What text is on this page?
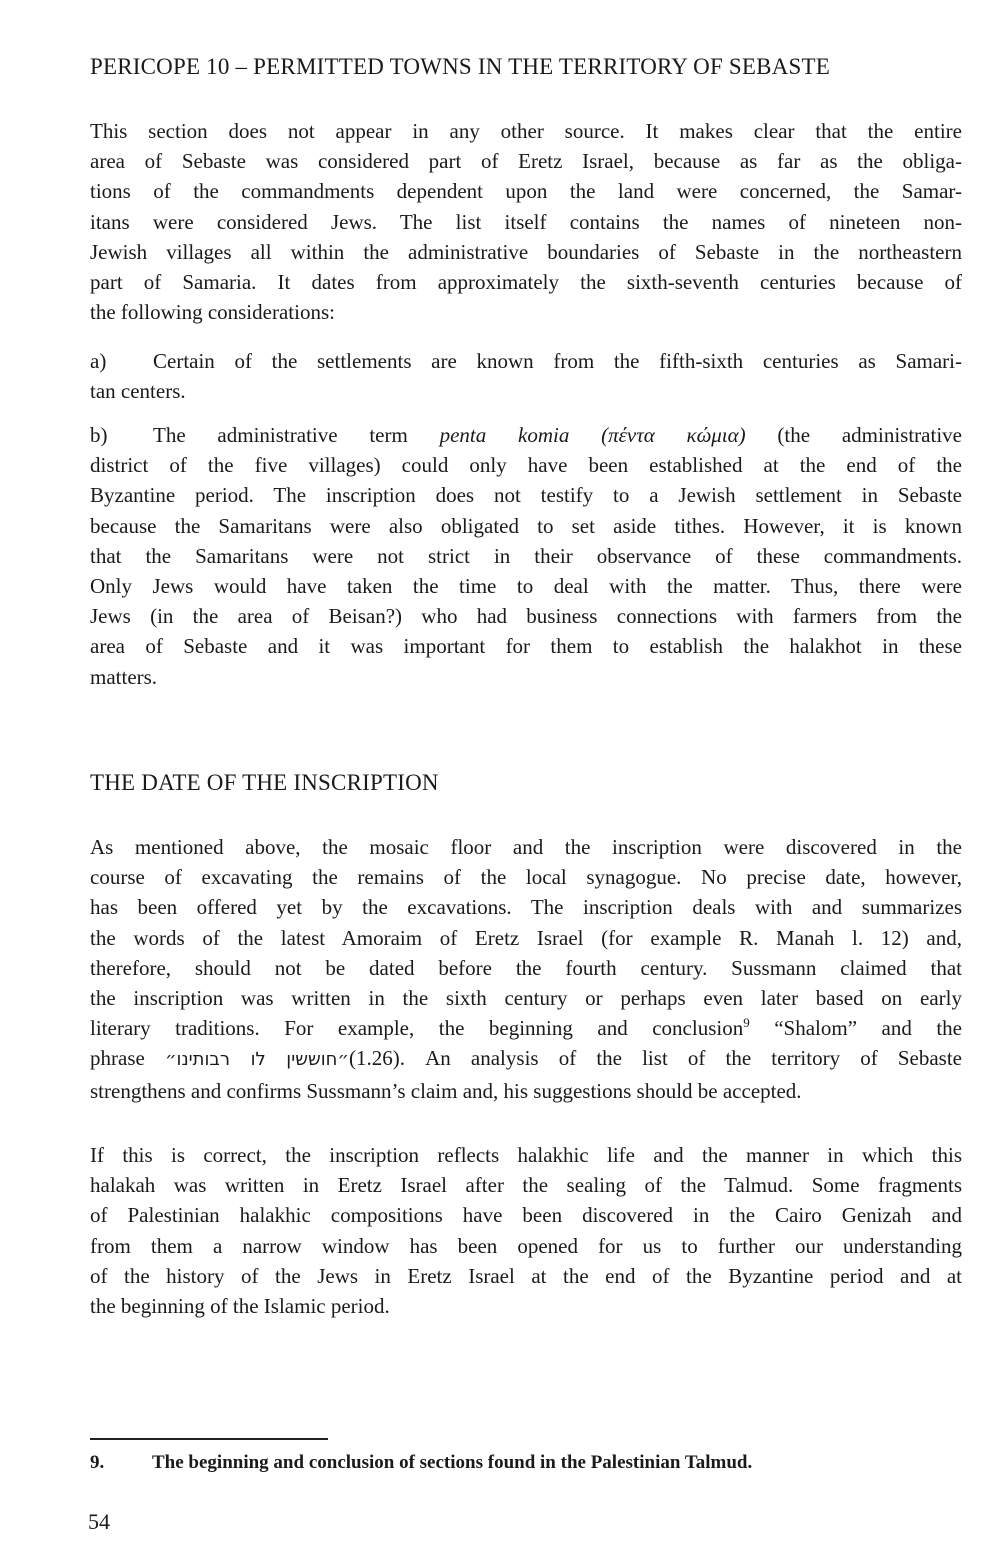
PERICOPE 10 – PERMITTED TOWNS IN THE TERRITORY OF SEBASTE

This section does not appear in any other source. It makes clear that the entire

area of Sebaste was considered part of Eretz Israel, because as far as the obliga-

tions of the commandments dependent upon the land were concerned, the Samar-

itans were considered Jews. The list itself contains the names of nineteen non-

Jewish villages all within the administrative boundaries of Sebaste in the northeastern

part of Samaria. It dates from approximately the sixth-seventh centuries because of

the following considerations:

a) Certain of the settlements are known from the fifth-sixth centuries as Samari-

tan centers.

b) The administrative term penta komia (πέντα κώμια) (the administrative

district of the five villages) could only have been established at the end of the

Byzantine period. The inscription does not testify to a Jewish settlement in Sebaste

because the Samaritans were also obligated to set aside tithes. However, it is known

that the Samaritans were not strict in their observance of these commandments.

Only Jews would have taken the time to deal with the matter. Thus, there were

Jews (in the area of Beisan?) who had business connections with farmers from the

area of Sebaste and it was important for them to establish the halakhot in these

matters.

THE DATE OF THE INSCRIPTION

As mentioned above, the mosaic floor and the inscription were discovered in the

course of excavating the remains of the local synagogue. No precise date, however,

has been offered yet by the excavations. The inscription deals with and summarizes

the words of the latest Amoraim of Eretz Israel (for example R. Manah l. 12) and,

therefore, should not be dated before the fourth century. Sussmann claimed that

the inscription was written in the sixth century or perhaps even later based on early

literary traditions. For example, the beginning and conclusion$^9$ “Shalom” and the

phrase ״חוששין לו רבותינו״(1.26). An analysis of the list of the territory of Sebaste

strengthens and confirms Sussmann’s claim and, his suggestions should be accepted.

If this is correct, the inscription reflects halakhic life and the manner in which this

halakah was written in Eretz Israel after the sealing of the Talmud. Some fragments

of Palestinian halakhic compositions have been discovered in the Cairo Genizah and

from them a narrow window has been opened for us to further our understanding

of the history of the Jews in Eretz Israel at the end of the Byzantine period and at

the beginning of the Islamic period.

9.	The beginning and conclusion of sections found in the Palestinian Talmud.
54
